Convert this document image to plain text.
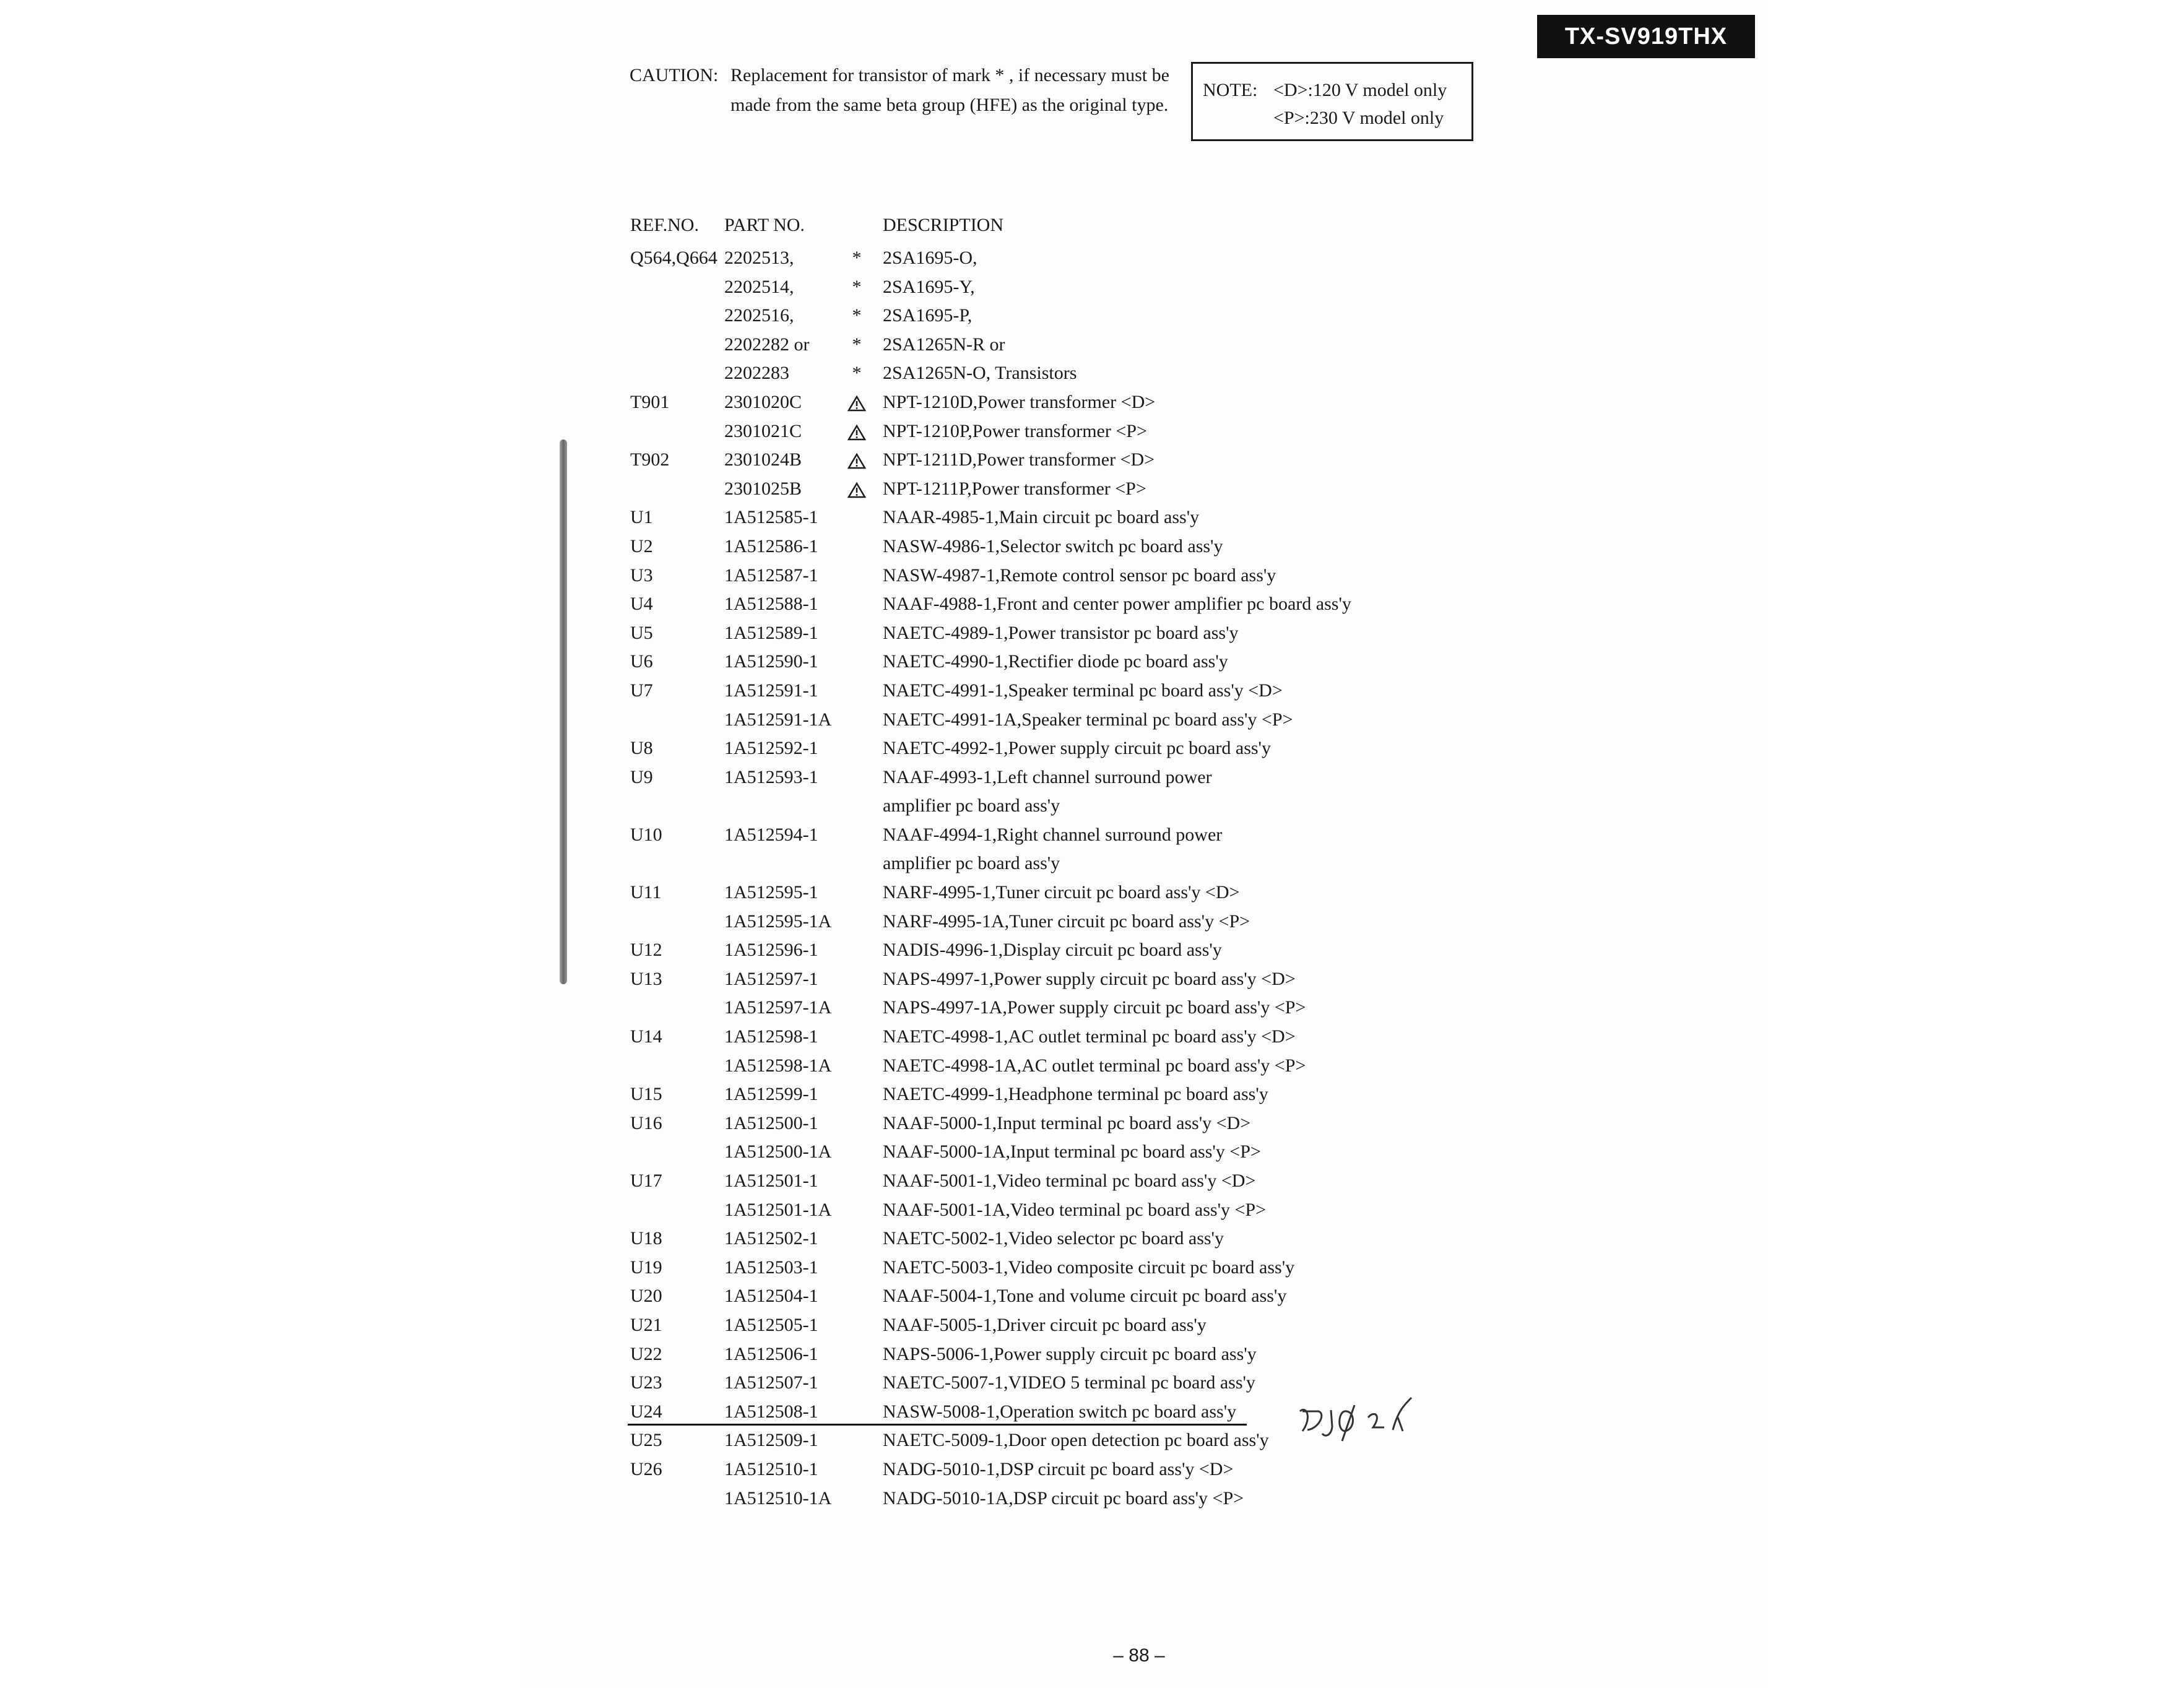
TX-SV919THX
CAUTION: Replacement for transistor of mark * , if necessary must be made from the same beta group (HFE) as the original type.
NOTE: <D>:120 V model only
<P>:230 V model only
REF.NO. PART NO.	DESCRIPTION
Q564,Q664 2202513,	* 2SA1695-O,
2202514,	* 2SA1695-Y,
2202516,	* 2SA1695-P,
2202282 or * 2SA1265N-R or
2202283	* 2SA1265N-O, Transistors
T901	2301020C	NPT-1210D,Power transformer <D>
2301021C	NPT-1210P,Power transformer <P>
T902	2301024B	NPT-1211D,Power transformer <D>
2301025B	NPT-1211P,Power transformer <P>
U1	1A512585-1	NAAR-4985-1,Main circuit pc board ass'y
U2	1A512586-1	NASW-4986-1,Selector switch pc board ass'y
U3	1A512587-1	NASW-4987-1,Remote control sensor pc board ass'y
U4	1A512588-1	NAAF-4988-1,Front and center power amplifier pc board ass'y
U5	1A512589-1	NAETC-4989-1,Power transistor pc board ass'y
U6	1A512590-1	NAETC-4990-1,Rectifier diode pc board ass'y
U7	1A512591-1	NAETC-4991-1,Speaker terminal pc board ass'y <D>
1A512591-1A	NAETC-4991-1A,Speaker terminal pc board ass'y <P>
U8	1A512592-1	NAETC-4992-1,Power supply circuit pc board ass'y
U9	1A512593-1	NAAF-4993-1,Left channel surround power
amplifier pc board ass'y
U10	1A512594-1	NAAF-4994-1,Right channel surround power
amplifier pc board ass'y
U11	1A512595-1	NARF-4995-1,Tuner circuit pc board ass'y <D>
1A512595-1A	NARF-4995-1A,Tuner circuit pc board ass'y <P>
U12	1A512596-1	NADIS-4996-1,Display circuit pc board ass'y
U13	1A512597-1	NAPS-4997-1,Power supply circuit pc board ass'y <D>
1A512597-1A	NAPS-4997-1A,Power supply circuit pc board ass'y <P>
U14	1A512598-1	NAETC-4998-1,AC outlet terminal pc board ass'y <D>
1A512598-1A	NAETC-4998-1A,AC outlet terminal pc board ass'y <P>
U15	1A512599-1	NAETC-4999-1,Headphone terminal pc board ass'y
U16	1A512500-1	NAAF-5000-1,Input terminal pc board ass'y <D>
1A512500-1A	NAAF-5000-1A,Input terminal pc board ass'y <P>
U17	1A512501-1	NAAF-5001-1,Video terminal pc board ass'y <D>
1A512501-1A	NAAF-5001-1A,Video terminal pc board ass'y <P>
U18	1A512502-1	NAETC-5002-1,Video selector pc board ass'y
U19	1A512503-1	NAETC-5003-1,Video composite circuit pc board ass'y
U20	1A512504-1	NAAF-5004-1,Tone and volume circuit pc board ass'y
U21	1A512505-1	NAAF-5005-1,Driver circuit pc board ass'y
U22	1A512506-1	NAPS-5006-1,Power supply circuit pc board ass'y
U23	1A512507-1	NAETC-5007-1,VIDEO 5 terminal pc board ass'y
U24	1A512508-1	NASW-5008-1,Operation switch pc board ass'y
U25	1A512509-1	NAETC-5009-1,Door open detection pc board ass'y
U26	1A512510-1	NADG-5010-1,DSP circuit pc board ass'y <D>
1A512510-1A	NADG-5010-1A,DSP circuit pc board ass'y <P>
– 88 –
